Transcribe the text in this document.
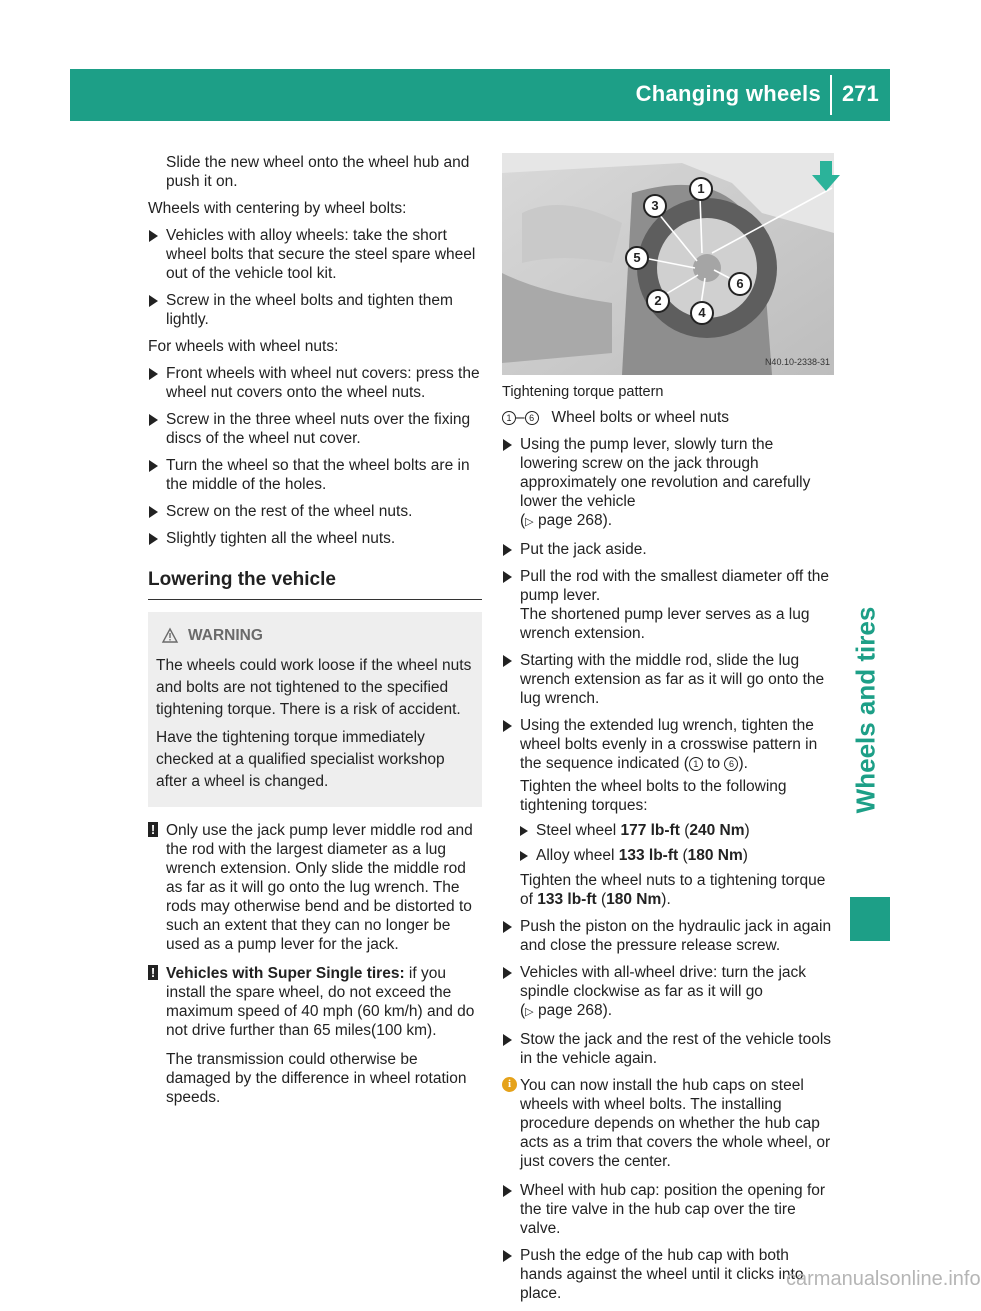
Changing wheels 271
Wheels and tires

Slide the new wheel onto the wheel hub and push it on.

Wheels with centering by wheel bolts:

Vehicles with alloy wheels: take the short wheel bolts that secure the steel spare wheel out of the vehicle tool kit.
Screw in the wheel bolts and tighten them lightly.

For wheels with wheel nuts:

Front wheels with wheel nut covers: press the wheel nut covers onto the wheel nuts.
Screw in the three wheel nuts over the fixing discs of the wheel nut cover.
Turn the wheel so that the wheel bolts are in the middle of the holes.
Screw on the rest of the wheel nuts.
Slightly tighten all the wheel nuts.
Lowering the vehicle
WARNING

The wheels could work loose if the wheel nuts and bolts are not tightened to the specified tightening torque. There is a risk of accident.

Have the tightening torque immediately checked at a qualified specialist workshop after a wheel is changed.

! Only use the jack pump lever middle rod and the rod with the largest diameter as a lug wrench extension. Only slide the middle rod as far as it will go onto the lug wrench. The rods may otherwise bend and be distorted to such an extent that they can no longer be used as a pump lever for the jack.
! Vehicles with Super Single tires: if you install the spare wheel, do not exceed the maximum speed of 40 mph (60 km/h) and do not drive further than 65 miles(100 km).

The transmission could otherwise be damaged by the difference in wheel rotation speeds.

1
3
5
6
2
4
N40.10-2338-31

Tightening torque pattern

1 – 6 Wheel bolts or wheel nuts

Using the pump lever, slowly turn the lowering screw on the jack through approximately one revolution and carefully lower the vehicle
(▷ page 268).
Put the jack aside.
Pull the rod with the smallest diameter off the pump lever.
The shortened pump lever serves as a lug wrench extension.
Starting with the middle rod, slide the lug wrench extension as far as it will go onto the lug wrench.
Using the extended lug wrench, tighten the wheel bolts evenly in a crosswise pattern in the sequence indicated ( 1 to 6 ).

Tighten the wheel bolts to the following tightening torques:

Steel wheel 177 lb-ft (240 Nm)
Alloy wheel 133 lb-ft (180 Nm)

Tighten the wheel nuts to a tightening torque of 133 lb-ft (180 Nm).

Push the piston on the hydraulic jack in again and close the pressure release screw.
Vehicles with all-wheel drive: turn the jack spindle clockwise as far as it will go
(▷ page 268).
Stow the jack and the rest of the vehicle tools in the vehicle again.
i You can now install the hub caps on steel wheels with wheel bolts. The installing procedure depends on whether the hub cap acts as a trim that covers the whole wheel, or just covers the center.
Wheel with hub cap: position the opening for the tire valve in the hub cap over the tire valve.
Push the edge of the hub cap with both hands against the wheel until it clicks into place.
carmanualsonline.info
